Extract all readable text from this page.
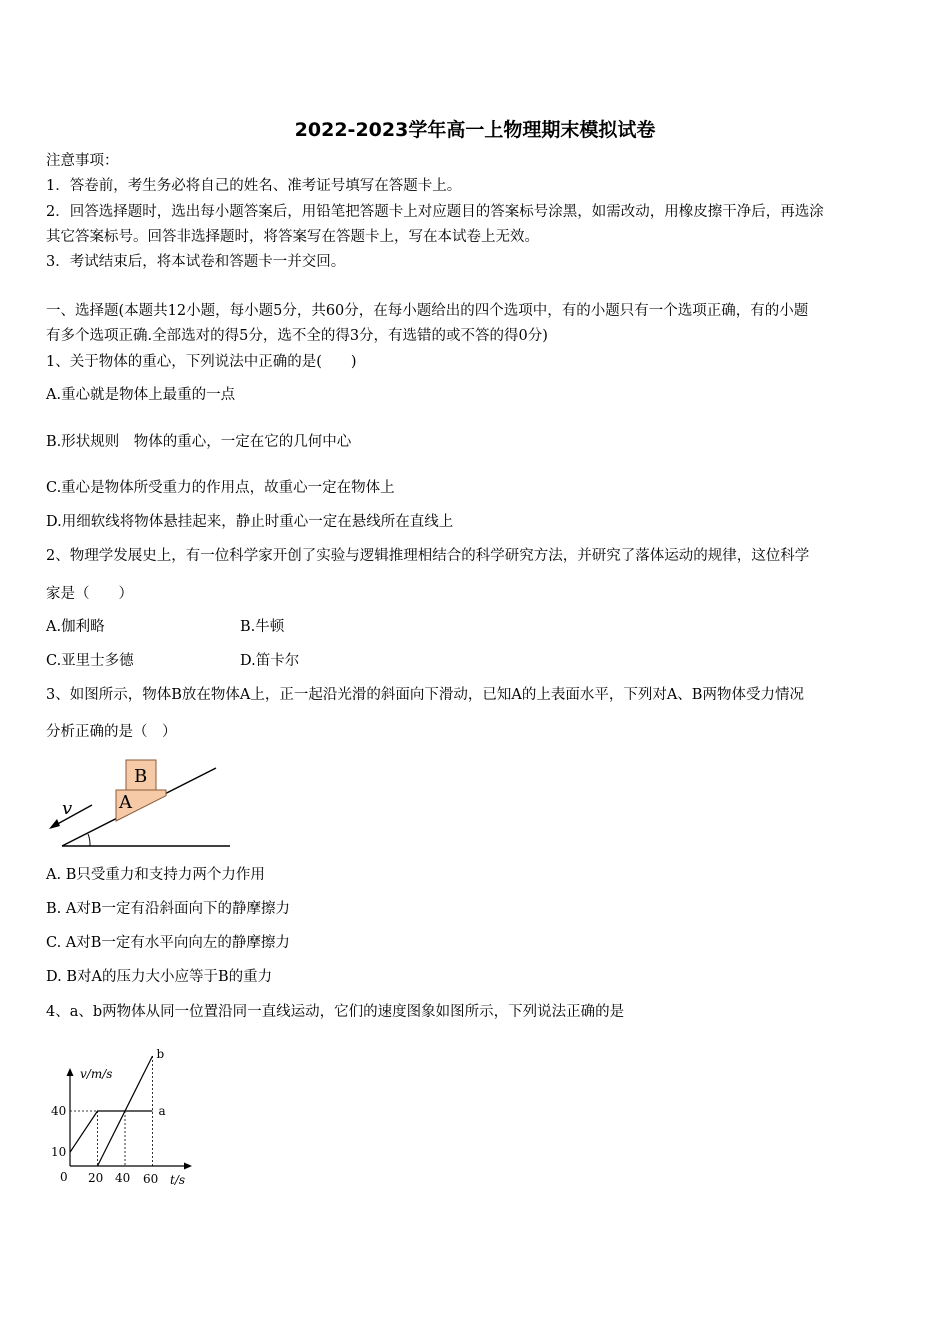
2022-2023学年高一上物理期末模拟试卷
注意事项：
1．答卷前，考生务必将自己的姓名、准考证号填写在答题卡上。
2．回答选择题时，选出每小题答案后，用铅笔把答题卡上对应题目的答案标号涂黑，如需改动，用橡皮擦干净后，再选涂
其它答案标号。回答非选择题时，将答案写在答题卡上，写在本试卷上无效。
3．考试结束后，将本试卷和答题卡一并交回。
一、选择题(本题共12小题，每小题5分，共60分，在每小题给出的四个选项中，有的小题只有一个选项正确，有的小题
有多个选项正确.全部选对的得5分，选不全的得3分，有选错的或不答的得0分)
1、关于物体的重心，下列说法中正确的是(　　)
A.重心就是物体上最重的一点
B.形状规则　物体的重心，一定在它的几何中心
C.重心是物体所受重力的作用点，故重心一定在物体上
D.用细软线将物体悬挂起来，静止时重心一定在悬线所在直线上
2、物理学发展史上，有一位科学家开创了实验与逻辑推理相结合的科学研究方法，并研究了落体运动的规律，这位科学
家是（　　）
A.伽利略	B.牛顿
C.亚里士多德	D.笛卡尔
3、如图所示，物体B放在物体A上，正一起沿光滑的斜面向下滑动，已知A的上表面水平，下列对A、B两物体受力情况
分析正确的是（　）
A
B
v
A. B只受重力和支持力两个力作用
B. A对B一定有沿斜面向下的静摩擦力
C. A对B一定有水平向向左的静摩擦力
D. B对A的压力大小应等于B的重力
4、a、b两物体从同一位置沿同一直线运动，它们的速度图象如图所示，下列说法正确的是
v/m/s
t/s
0 20 40 60
10
40	a
b
